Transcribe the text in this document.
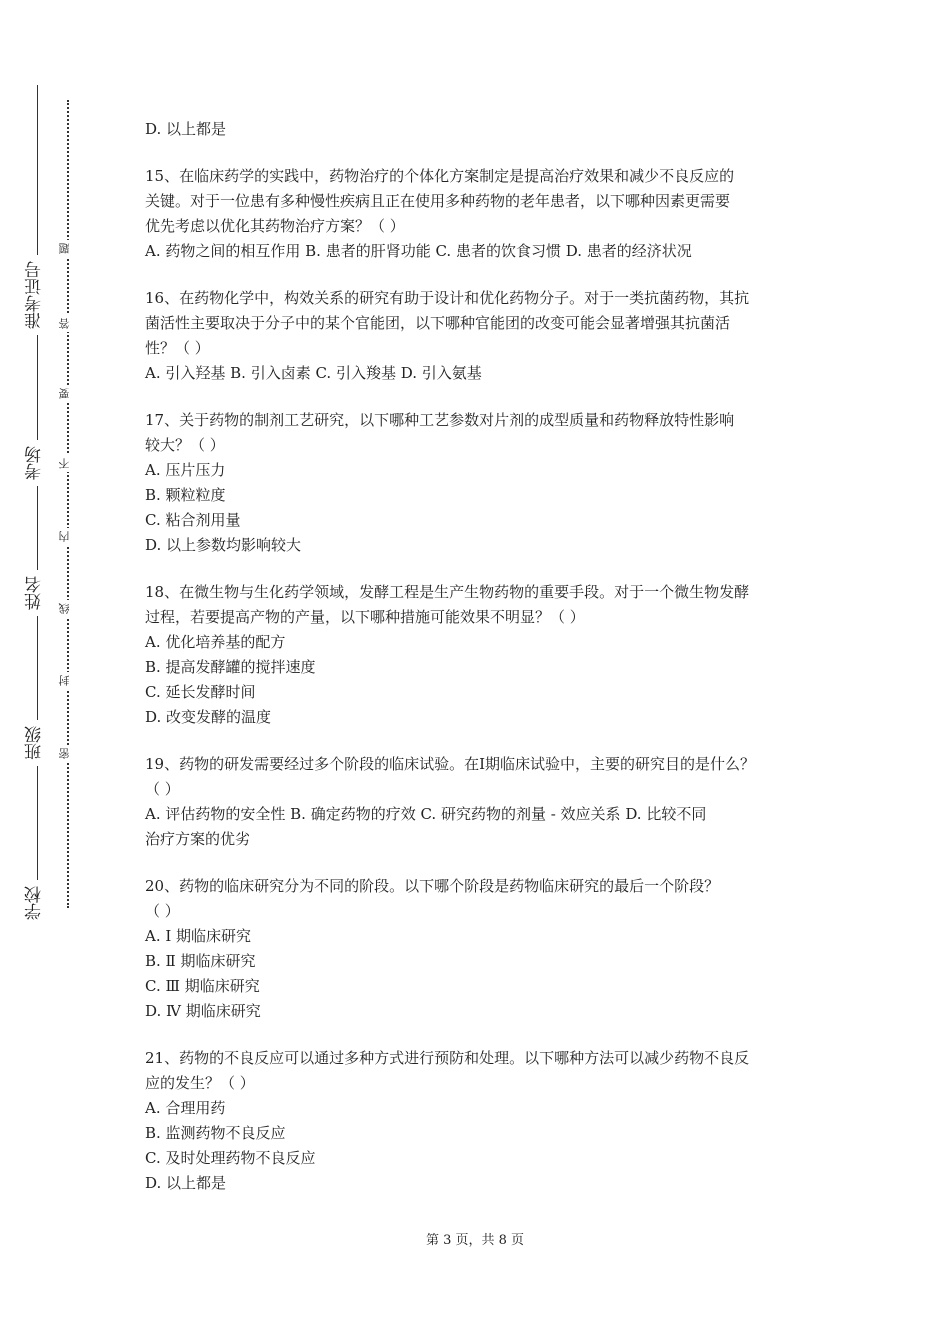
准考证号
考场
姓名
班级
学校
题
答
要
不
内
线
封
密

D. 以上都是

15、在临床药学的实践中，药物治疗的个体化方案制定是提高治疗效果和减少不良反应的

关键。对于一位患有多种慢性疾病且正在使用多种药物的老年患者，以下哪种因素更需要

优先考虑以优化其药物治疗方案？（ ）

A. 药物之间的相互作用 B. 患者的肝肾功能 C. 患者的饮食习惯 D. 患者的经济状况

16、在药物化学中，构效关系的研究有助于设计和优化药物分子。对于一类抗菌药物，其抗

菌活性主要取决于分子中的某个官能团，以下哪种官能团的改变可能会显著增强其抗菌活

性？（ ）

A. 引入羟基 B. 引入卤素 C. 引入羧基 D. 引入氨基

17、关于药物的制剂工艺研究，以下哪种工艺参数对片剂的成型质量和药物释放特性影响

较大？（ ）

A. 压片压力

B. 颗粒粒度

C. 粘合剂用量

D. 以上参数均影响较大

18、在微生物与生化药学领域，发酵工程是生产生物药物的重要手段。对于一个微生物发酵

过程，若要提高产物的产量，以下哪种措施可能效果不明显？（ ）

A. 优化培养基的配方

B. 提高发酵罐的搅拌速度

C. 延长发酵时间

D. 改变发酵的温度

19、药物的研发需要经过多个阶段的临床试验。在Ⅰ期临床试验中，主要的研究目的是什么？

（ ）

A. 评估药物的安全性 B. 确定药物的疗效 C. 研究药物的剂量 - 效应关系 D. 比较不同

治疗方案的优劣

20、药物的临床研究分为不同的阶段。以下哪个阶段是药物临床研究的最后一个阶段？

（ ）

A. Ⅰ 期临床研究

B. Ⅱ 期临床研究

C. Ⅲ 期临床研究

D. Ⅳ 期临床研究

21、药物的不良反应可以通过多种方式进行预防和处理。以下哪种方法可以减少药物不良反

应的发生？（ ）

A. 合理用药

B. 监测药物不良反应

C. 及时处理药物不良反应

D. 以上都是

第 3 页，共 8 页
